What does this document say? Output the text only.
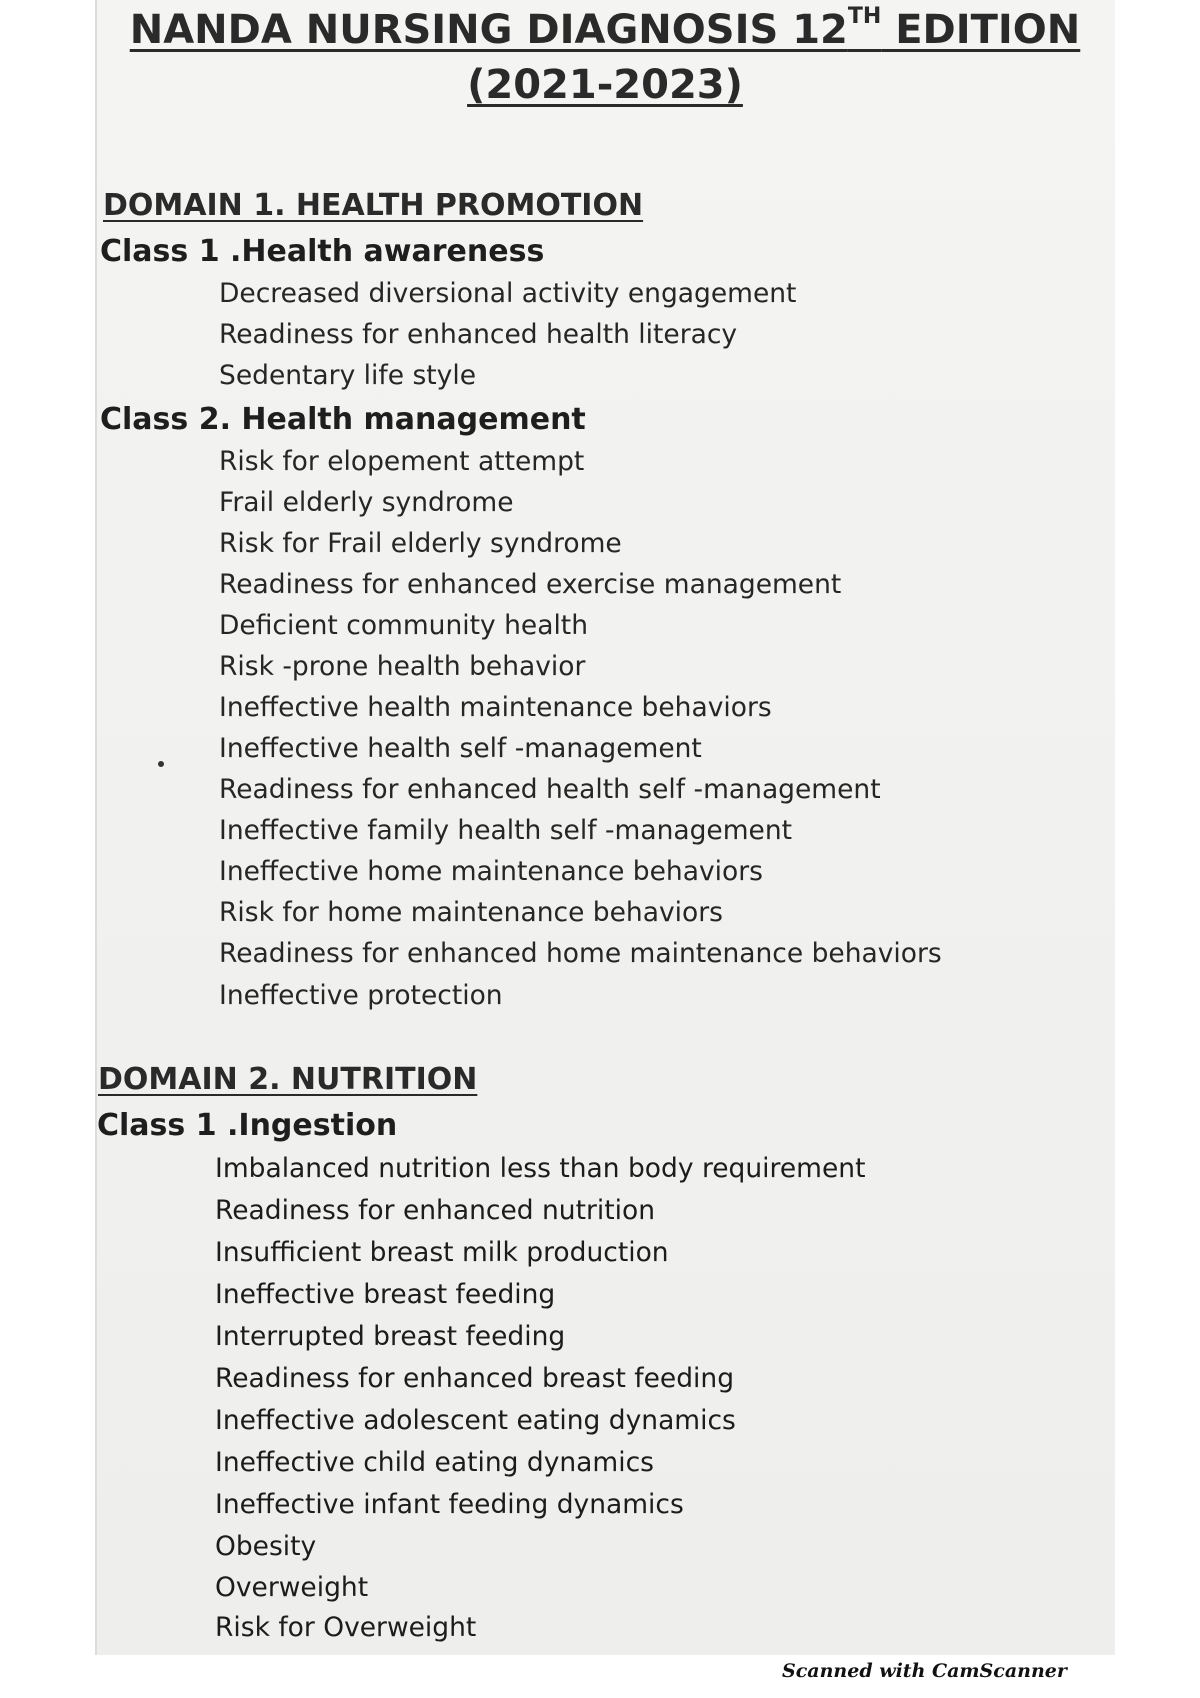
NANDA NURSING DIAGNOSIS 12TH EDITION
(2021-2023)
DOMAIN 1. HEALTH PROMOTION
Class 1 .Health awareness
Decreased diversional activity engagement
Readiness for enhanced health literacy
Sedentary life style
Class 2. Health management
Risk for elopement attempt
Frail elderly syndrome
Risk for Frail elderly syndrome
Readiness for enhanced exercise management
Deficient community health
Risk -prone health behavior
Ineffective health maintenance behaviors
Ineffective health self -management
Readiness for enhanced health self -management
Ineffective family health self -management
Ineffective home maintenance behaviors
Risk for home maintenance behaviors
Readiness for enhanced home maintenance behaviors
Ineffective protection
DOMAIN 2. NUTRITION
Class 1 .Ingestion
Imbalanced nutrition less than body requirement
Readiness for enhanced nutrition
Insufficient breast milk production
Ineffective breast feeding
Interrupted breast feeding
Readiness for enhanced breast feeding
Ineffective adolescent eating dynamics
Ineffective child eating dynamics
Ineffective infant feeding dynamics
Obesity
Overweight
Risk for Overweight
Scanned with CamScanner
